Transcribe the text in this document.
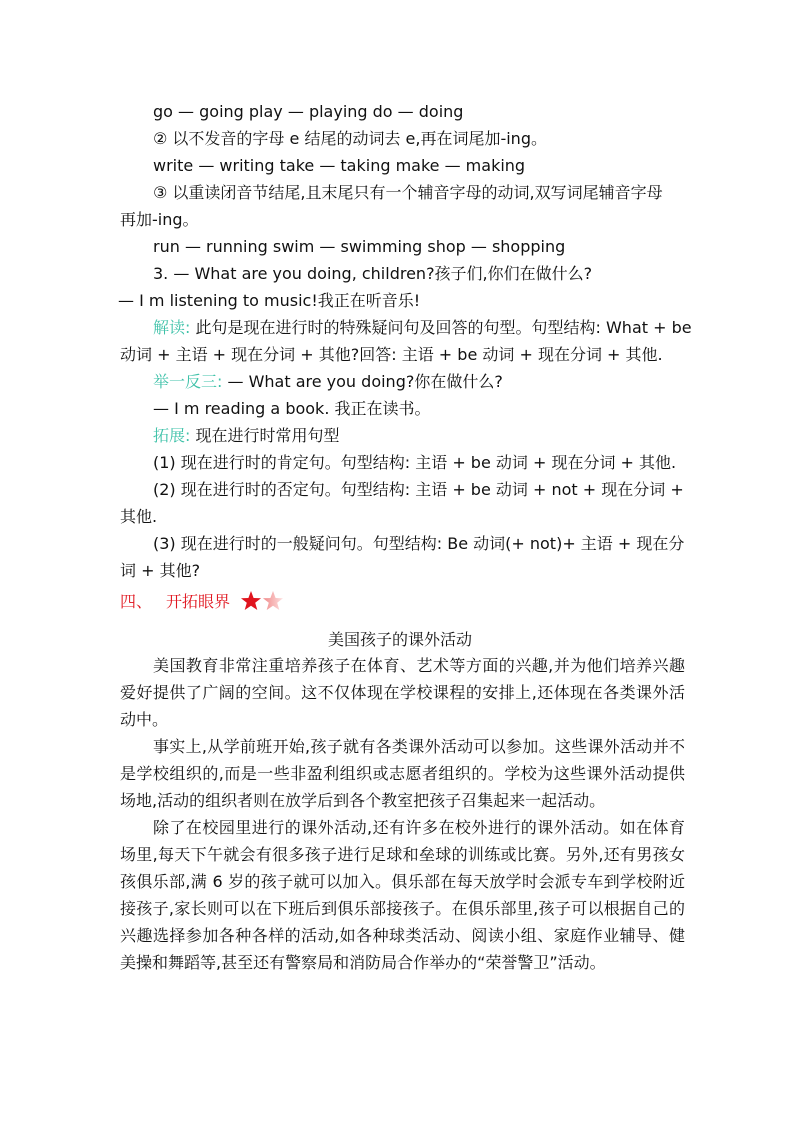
go — going play — playing do — doing
② 以不发音的字母 e 结尾的动词去 e,再在词尾加-ing。
write — writing take — taking make — making
③ 以重读闭音节结尾,且末尾只有一个辅音字母的动词,双写词尾辅音字母
再加-ing。
run — running swim — swimming shop — shopping
3. — What are you doing, children?孩子们,你们在做什么?
— I m listening to music!我正在听音乐!
解读: 此句是现在进行时的特殊疑问句及回答的句型。句型结构: What + be
动词 + 主语 + 现在分词 + 其他?回答: 主语 + be 动词 + 现在分词 + 其他.
举一反三: — What are you doing?你在做什么?
— I m reading a book. 我正在读书。
拓展: 现在进行时常用句型
(1) 现在进行时的肯定句。句型结构: 主语 + be 动词 + 现在分词 + 其他.
(2) 现在进行时的否定句。句型结构: 主语 + be 动词 + not + 现在分词 +
其他.
(3) 现在进行时的一般疑问句。句型结构: Be 动词(+ not)+ 主语 + 现在分
词 + 其他?
四、 开拓眼界
美国孩子的课外活动

美国教育非常注重培养孩子在体育、艺术等方面的兴趣,并为他们培养兴趣爱好提供了广阔的空间。这不仅体现在学校课程的安排上,还体现在各类课外活动中。

事实上,从学前班开始,孩子就有各类课外活动可以参加。这些课外活动并不是学校组织的,而是一些非盈利组织或志愿者组织的。学校为这些课外活动提供场地,活动的组织者则在放学后到各个教室把孩子召集起来一起活动。

除了在校园里进行的课外活动,还有许多在校外进行的课外活动。如在体育场里,每天下午就会有很多孩子进行足球和垒球的训练或比赛。另外,还有男孩女孩俱乐部,满 6 岁的孩子就可以加入。俱乐部在每天放学时会派专车到学校附近接孩子,家长则可以在下班后到俱乐部接孩子。在俱乐部里,孩子可以根据自己的兴趣选择参加各种各样的活动,如各种球类活动、阅读小组、家庭作业辅导、健美操和舞蹈等,甚至还有警察局和消防局合作举办的“荣誉警卫”活动。
